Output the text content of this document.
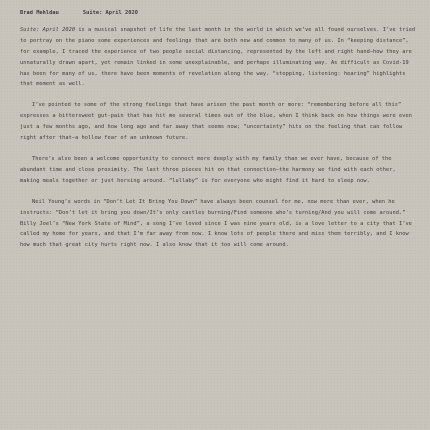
Brad Mehldau	Suite: April 2020

Suite: April 2020 is a musical snapshot of life the last month in the world in which we’ve all found ourselves. I’ve tried to portray on the piano some experiences and feelings that are both new and common to many of us. In “keeping distance”, for example, I traced the experience of two people social distancing, represented by the left and right hand—how they are unnaturally drawn apart, yet remain linked in some unexplainable, and perhaps illuminating way. As difficult as Covid-19 has been for many of us, there have been moments of revelation along the way. “stopping, listening: hearing” highlights that moment as well.

I’ve pointed to some of the strong feelings that have arisen the past month or more: “remembering before all this” expresses a bittersweet gut-pain that has hit me several times out of the blue, when I think back on how things were even just a few months ago, and how long ago and far away that seems now; “uncertainty” hits on the feeling that can follow right after that—a hollow fear of an unknown future.

There’s also been a welcome opportunity to connect more deeply with my family than we ever have, because of the abundant time and close proximity. The last three pieces hit on that connection—the harmony we find with each other, making meals together or just horsing around. “lullaby” is for everyone who might find it hard to sleep now.

Neil Young’s words in “Don’t Let It Bring You Down” have always been counsel for me, now more than ever, when he instructs: “Don’t let it bring you down/It’s only castles burning/Find someone who’s turning/And you will come around.” Billy Joel’s “New York State of Mind”, a song I’ve loved since I was nine years old, is a love letter to a city that I’ve called my home for years, and that I’m far away from now. I know lots of people there and miss them terribly, and I know how much that great city hurts right now. I also know that it too will come around.
